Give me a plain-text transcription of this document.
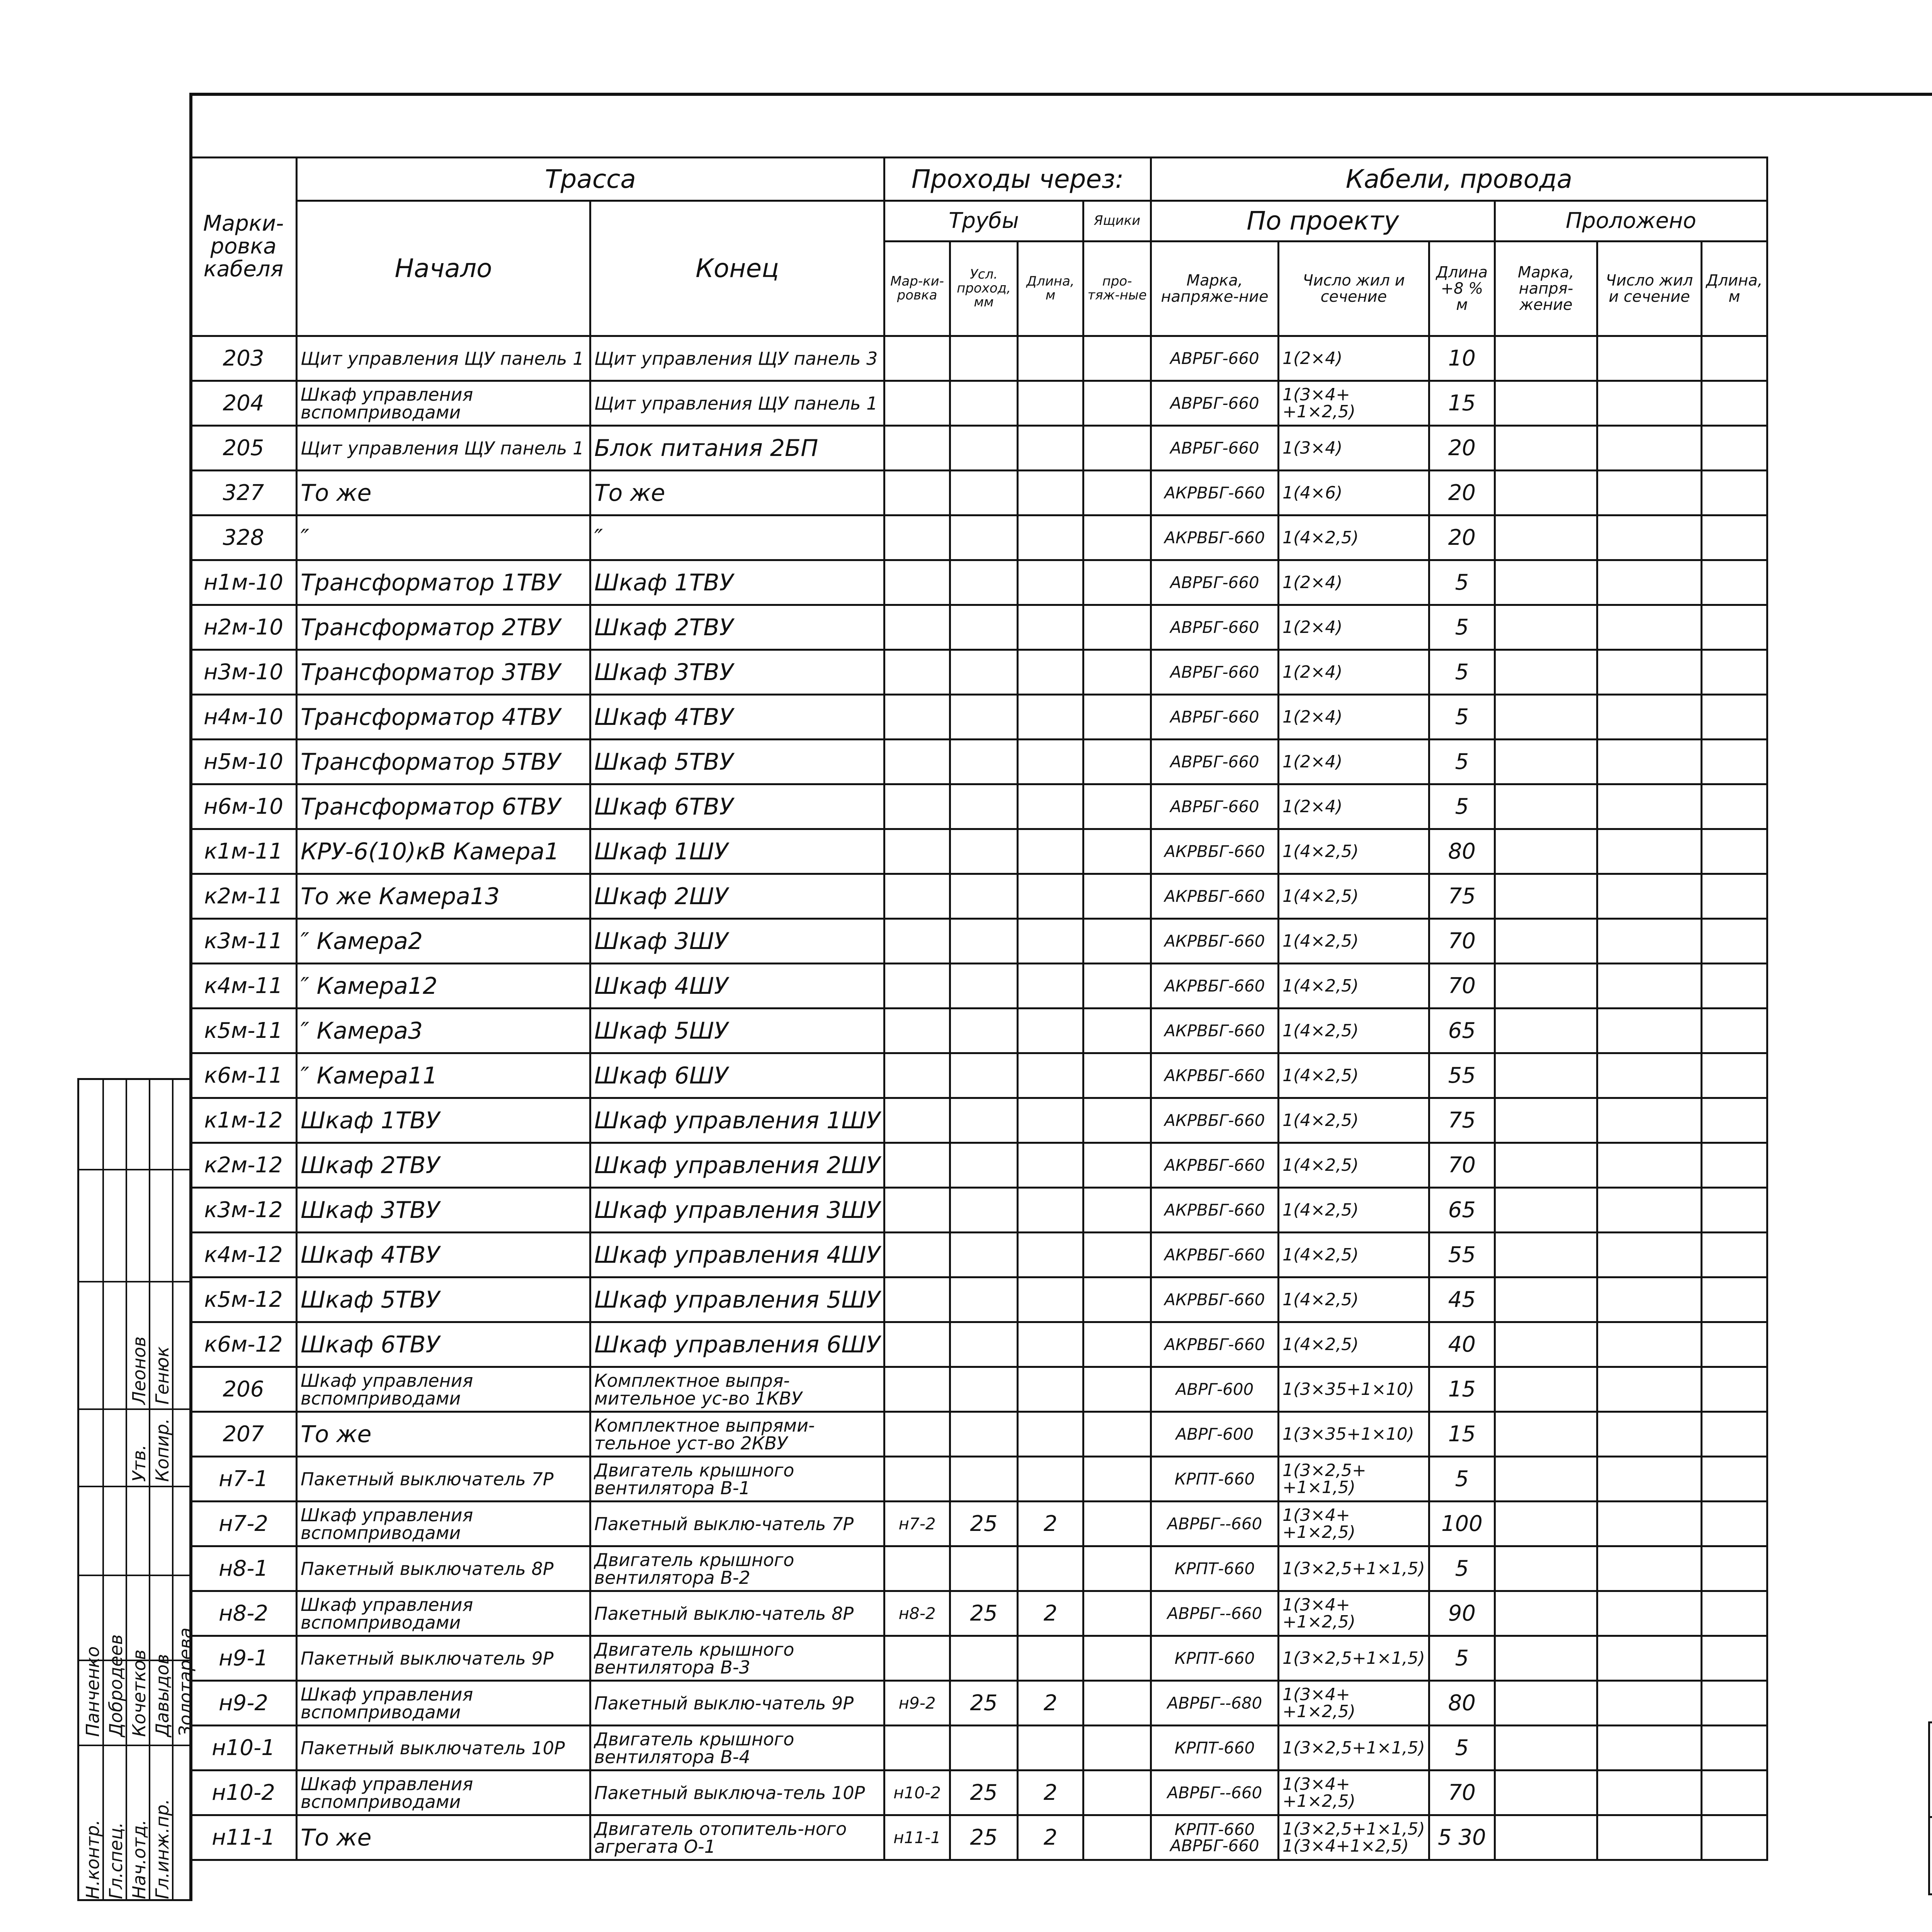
Марки-ровка кабеля	Трасса		Проходы через:				Кабели, провода					
	Начало	Конец	Трубы			Ящики	По проекту			Проложено		
			Мар-ки-ровка	Усл. проход, мм	Длина, м	про-тяж-ные	Марка, напряже-ние	Число жил и сечение	Длина +8 % м	Марка, напря-жение	Число жил и сечение	Длина, м
203	Щит управления ЩУ панель 1	Щит управления ЩУ панель 3					АВРБГ-660	1(2×4)	10			
204	Шкаф управления вспомприводами	Щит управления ЩУ панель 1					АВРБГ-660	1(3×4+ +1×2,5)	15			
205	Щит управления ЩУ панель 1	Блок питания 2БП					АВРБГ-660	1(3×4)	20			
327	То же	То же					АКРВБГ-660	1(4×6)	20			
328	″	″					АКРВБГ-660	1(4×2,5)	20			
н1м-10	Трансформатор 1ТВУ	Шкаф 1ТВУ					АВРБГ-660	1(2×4)	5			
н2м-10	Трансформатор 2ТВУ	Шкаф 2ТВУ					АВРБГ-660	1(2×4)	5			
н3м-10	Трансформатор 3ТВУ	Шкаф 3ТВУ					АВРБГ-660	1(2×4)	5			
н4м-10	Трансформатор 4ТВУ	Шкаф 4ТВУ					АВРБГ-660	1(2×4)	5			
н5м-10	Трансформатор 5ТВУ	Шкаф 5ТВУ					АВРБГ-660	1(2×4)	5			
н6м-10	Трансформатор 6ТВУ	Шкаф 6ТВУ					АВРБГ-660	1(2×4)	5			
к1м-11	КРУ-6(10)кВ Камера1	Шкаф 1ШУ					АКРВБГ-660	1(4×2,5)	80			
к2м-11	То же Камера13	Шкаф 2ШУ					АКРВБГ-660	1(4×2,5)	75			
к3м-11	″ Камера2	Шкаф 3ШУ					АКРВБГ-660	1(4×2,5)	70			
к4м-11	″ Камера12	Шкаф 4ШУ					АКРВБГ-660	1(4×2,5)	70			
к5м-11	″ Камера3	Шкаф 5ШУ					АКРВБГ-660	1(4×2,5)	65			
к6м-11	″ Камера11	Шкаф 6ШУ					АКРВБГ-660	1(4×2,5)	55			
к1м-12	Шкаф 1ТВУ	Шкаф управления 1ШУ					АКРВБГ-660	1(4×2,5)	75			
к2м-12	Шкаф 2ТВУ	Шкаф управления 2ШУ					АКРВБГ-660	1(4×2,5)	70			
к3м-12	Шкаф 3ТВУ	Шкаф управления 3ШУ					АКРВБГ-660	1(4×2,5)	65			
к4м-12	Шкаф 4ТВУ	Шкаф управления 4ШУ					АКРВБГ-660	1(4×2,5)	55			
к5м-12	Шкаф 5ТВУ	Шкаф управления 5ШУ					АКРВБГ-660	1(4×2,5)	45			
к6м-12	Шкаф 6ТВУ	Шкаф управления 6ШУ					АКРВБГ-660	1(4×2,5)	40			
206	Шкаф управления вспомприводами	Комплектное выпря-мительное ус-во 1КВУ					АВРГ-600	1(3×35+1×10)	15			
207	То же	Комплектное выпрями-тельное уст-во 2КВУ					АВРГ-600	1(3×35+1×10)	15			
н7-1	Пакетный выключатель 7Р	Двигатель крышного вентилятора В-1					КРПТ-660	1(3×2,5+ +1×1,5)	5			
н7-2	Шкаф управления вспомприводами	Пакетный выклю-чатель 7Р	н7-2	25	2		АВРБГ--660	1(3×4+ +1×2,5)	100			
н8-1	Пакетный выключатель 8Р	Двигатель крышного вентилятора В-2					КРПТ-660	1(3×2,5+1×1,5)	5			
н8-2	Шкаф управления вспомприводами	Пакетный выклю-чатель 8Р	н8-2	25	2		АВРБГ--660	1(3×4+ +1×2,5)	90			
н9-1	Пакетный выключатель 9Р	Двигатель крышного вентилятора В-3					КРПТ-660	1(3×2,5+1×1,5)	5			
н9-2	Шкаф управления вспомприводами	Пакетный выклю-чатель 9Р	н9-2	25	2		АВРБГ--680	1(3×4+ +1×2,5)	80			
н10-1	Пакетный выключатель 10Р	Двигатель крышного вентилятора В-4					КРПТ-660	1(3×2,5+1×1,5)	5			
н10-2	Шкаф управления вспомприводами	Пакетный выключа-тель 10Р	н10-2	25	2		АВРБГ--660	1(3×4+ +1×2,5)	70			
н11-1	То же	Двигатель отопитель-ного агрегата О-1	н11-1	25	2		КРПТ-660 АВРБГ-660	1(3×2,5+1×1,5) 1(3×4+1×2,5)	5 30			
Н.контр. Гл.спец. Нач.отд. Гл.инж.пр.
Панченко Добродеев Кочетков Давыдов Золотарева
Утв. Копир.
Леонов Генюк
